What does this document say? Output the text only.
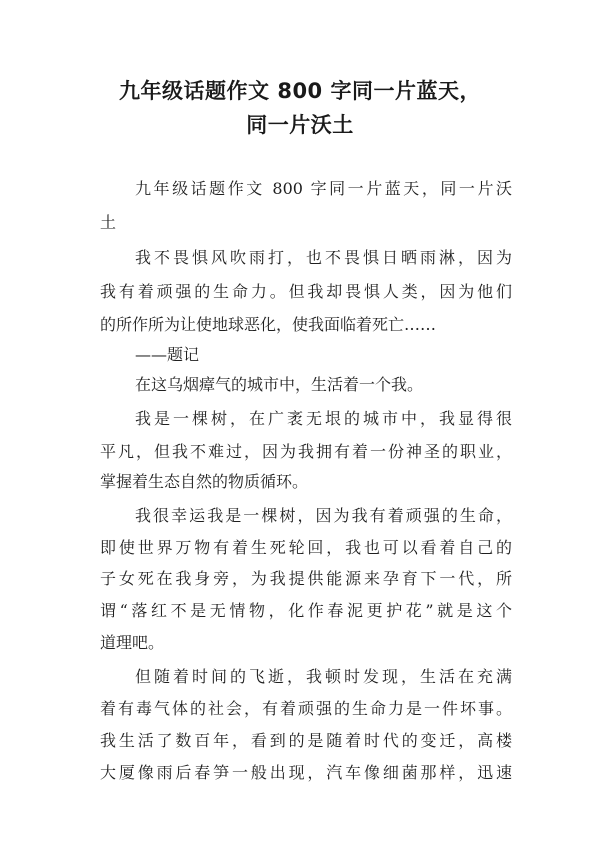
九年级话题作文 800 字同一片蓝天，
同一片沃土

九年级话题作文 800 字同一片蓝天，同一片沃

土

我不畏惧风吹雨打，也不畏惧日晒雨淋，因为

我有着顽强的生命力。但我却畏惧人类，因为他们

的所作所为让使地球恶化，使我面临着死亡……

——题记

在这乌烟瘴气的城市中，生活着一个我。

我是一棵树，在广袤无垠的城市中，我显得很

平凡，但我不难过，因为我拥有着一份神圣的职业，

掌握着生态自然的物质循环。

我很幸运我是一棵树，因为我有着顽强的生命，

即使世界万物有着生死轮回，我也可以看着自己的

子女死在我身旁，为我提供能源来孕育下一代，所

谓“落红不是无情物，化作春泥更护花”就是这个

道理吧。

但随着时间的飞逝，我顿时发现，生活在充满

着有毒气体的社会，有着顽强的生命力是一件坏事。

我生活了数百年，看到的是随着时代的变迁，高楼

大厦像雨后春笋一般出现，汽车像细菌那样，迅速
